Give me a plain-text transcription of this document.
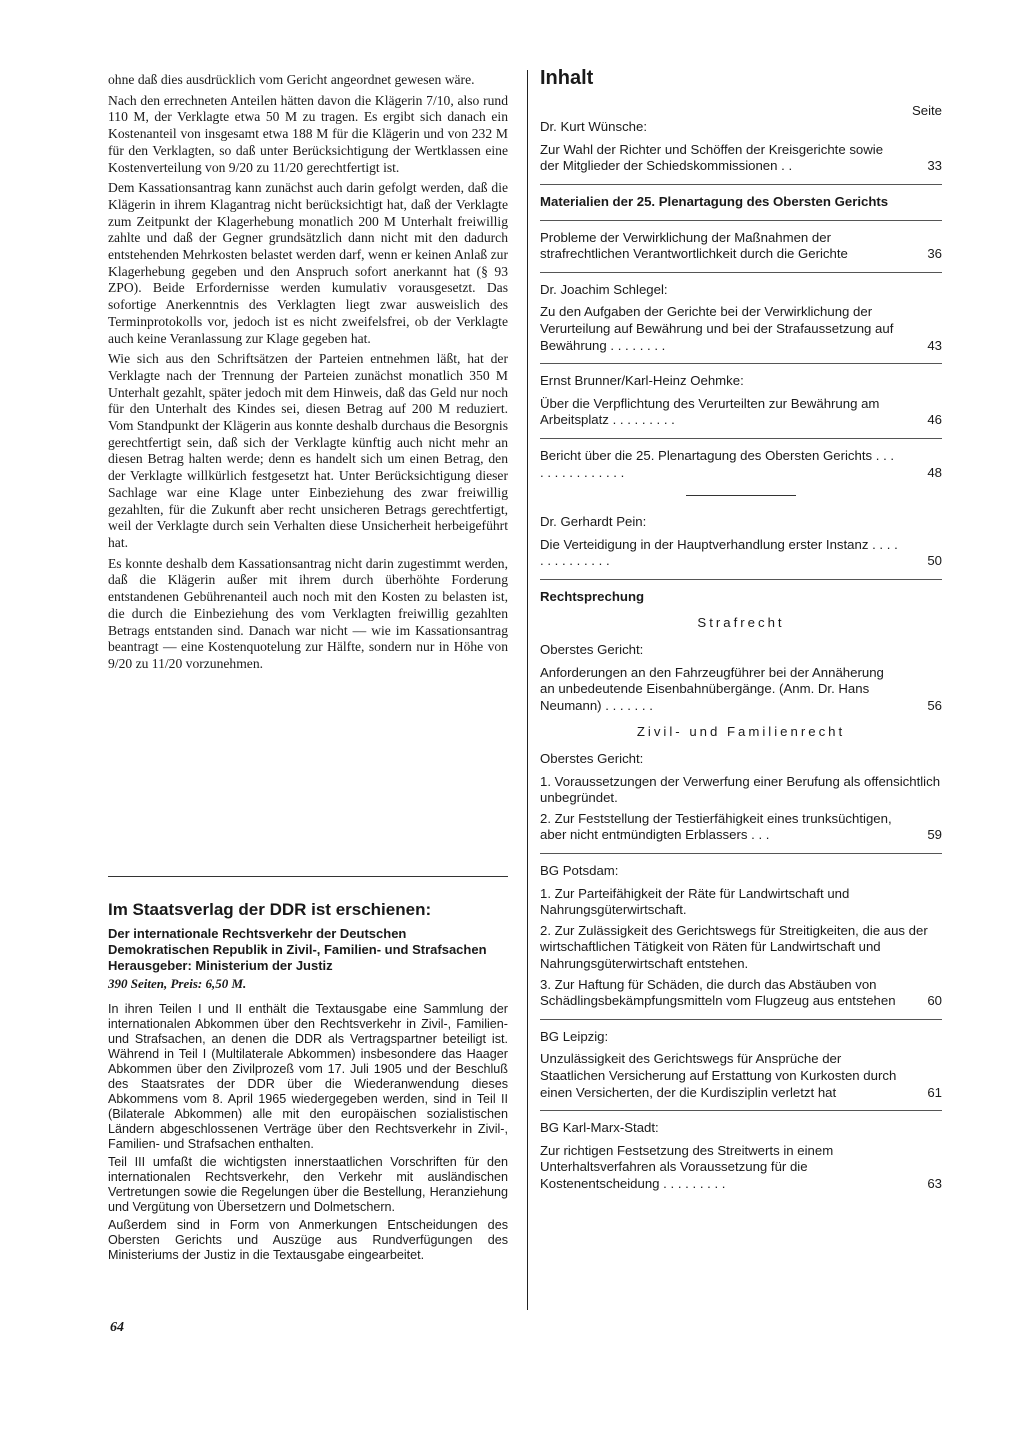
ohne daß dies ausdrücklich vom Gericht angeordnet gewesen wäre.

Nach den errechneten Anteilen hätten davon die Klägerin 7/10, also rund 110 M, der Verklagte etwa 50 M zu tragen. Es ergibt sich danach ein Kostenanteil von insgesamt etwa 188 M für die Klägerin und von 232 M für den Verklagten, so daß unter Berücksichtigung der Wertklassen eine Kostenverteilung von 9/20 zu 11/20 gerechtfertigt ist.

Dem Kassationsantrag kann zunächst auch darin gefolgt werden, daß die Klägerin in ihrem Klagantrag nicht berücksichtigt hat, daß der Verklagte zum Zeitpunkt der Klagerhebung monatlich 200 M Unterhalt freiwillig zahlte und daß der Gegner grundsätzlich dann nicht mit den dadurch entstehenden Mehrkosten belastet werden darf, wenn er keinen Anlaß zur Klagerhebung gegeben und den Anspruch sofort anerkannt hat (§ 93 ZPO). Beide Erfordernisse werden kumulativ vorausgesetzt. Das sofortige Anerkenntnis des Verklagten liegt zwar ausweislich des Terminprotokolls vor, jedoch ist es nicht zweifelsfrei, ob der Verklagte auch keine Veranlassung zur Klage gegeben hat.

Wie sich aus den Schriftsätzen der Parteien entnehmen läßt, hat der Verklagte nach der Trennung der Parteien zunächst monatlich 350 M Unterhalt gezahlt, später jedoch mit dem Hinweis, daß das Geld nur noch für den Unterhalt des Kindes sei, diesen Betrag auf 200 M reduziert. Vom Standpunkt der Klägerin aus konnte deshalb durchaus die Besorgnis gerechtfertigt sein, daß sich der Verklagte künftig auch nicht mehr an diesen Betrag halten werde; denn es handelt sich um einen Betrag, den der Verklagte willkürlich festgesetzt hat. Unter Berücksichtigung dieser Sachlage war eine Klage unter Einbeziehung des zwar freiwillig gezahlten, für die Zukunft aber recht unsicheren Betrags gerechtfertigt, weil der Verklagte durch sein Verhalten diese Unsicherheit herbeigeführt hat.

Es konnte deshalb dem Kassationsantrag nicht darin zugestimmt werden, daß die Klägerin außer mit ihrem durch überhöhte Forderung entstandenen Gebührenanteil auch noch mit den Kosten zu belasten ist, die durch die Einbeziehung des vom Verklagten freiwillig gezahlten Betrags entstanden sind. Danach war nicht — wie im Kassationsantrag beantragt — eine Kostenquotelung zur Hälfte, sondern nur in Höhe von 9/20 zu 11/20 vorzunehmen.

Im Staatsverlag der DDR ist erschienen:
Der internationale Rechtsverkehr der Deutschen Demokratischen Republik in Zivil-, Familien- und Strafsachen Herausgeber: Ministerium der Justiz
390 Seiten, Preis: 6,50 M.

In ihren Teilen I und II enthält die Textausgabe eine Sammlung der internationalen Abkommen über den Rechtsverkehr in Zivil-, Familien- und Strafsachen, an denen die DDR als Vertragspartner beteiligt ist. Während in Teil I (Multilaterale Abkommen) insbesondere das Haager Abkommen über den Zivilprozeß vom 17. Juli 1905 und der Beschluß des Staatsrates der DDR über die Wiederanwendung dieses Abkommens vom 8. April 1965 wiedergegeben werden, sind in Teil II (Bilaterale Abkommen) alle mit den europäischen sozialistischen Ländern abgeschlossenen Verträge über den Rechtsverkehr in Zivil-, Familien- und Strafsachen enthalten.

Teil III umfaßt die wichtigsten innerstaatlichen Vorschriften für den internationalen Rechtsverkehr, den Verkehr mit ausländischen Vertretungen sowie die Regelungen über die Bestellung, Heranziehung und Vergütung von Übersetzern und Dolmetschern.

Außerdem sind in Form von Anmerkungen Entscheidungen des Obersten Gerichts und Auszüge aus Rundverfügungen des Ministeriums der Justiz in die Textausgabe eingearbeitet.

64
Inhalt
Seite
Dr. Kurt Wünsche:
Zur Wahl der Richter und Schöffen der Kreisgerichte sowie der Mitglieder der Schiedskommissionen . .	33
Materialien der 25. Plenartagung des Obersten Gerichts
Probleme der Verwirklichung der Maßnahmen der strafrechtlichen Verantwortlichkeit durch die Gerichte	36
Dr. Joachim Schlegel:
Zu den Aufgaben der Gerichte bei der Verwirklichung der Verurteilung auf Bewährung und bei der Strafaussetzung auf Bewährung . . . . . . . .	43
Ernst Brunner/Karl-Heinz Oehmke:
Über die Verpflichtung des Verurteilten zur Bewährung am Arbeitsplatz . . . . . . . . .	46
Bericht über die 25. Plenartagung des Obersten Gerichts . . . . . . . . . . . . . . .	48
Dr. Gerhardt Pein:
Die Verteidigung in der Hauptverhandlung erster Instanz . . . . . . . . . . . . . .	50
Rechtsprechung
Strafrecht
Oberstes Gericht:
Anforderungen an den Fahrzeugführer bei der Annäherung an unbedeutende Eisenbahnübergänge. (Anm. Dr. Hans Neumann) . . . . . . .	56
Zivil- und Familienrecht
Oberstes Gericht:
1. Voraussetzungen der Verwerfung einer Berufung als offensichtlich unbegründet.
2. Zur Feststellung der Testierfähigkeit eines trunksüchtigen, aber nicht entmündigten Erblassers . . .	59
BG Potsdam:
1. Zur Parteifähigkeit der Räte für Landwirtschaft und Nahrungsgüterwirtschaft.
2. Zur Zulässigkeit des Gerichtswegs für Streitigkeiten, die aus der wirtschaftlichen Tätigkeit von Räten für Landwirtschaft und Nahrungsgüterwirtschaft entstehen.
3. Zur Haftung für Schäden, die durch das Abstäuben von Schädlingsbekämpfungsmitteln vom Flugzeug aus entstehen	60
BG Leipzig:
Unzulässigkeit des Gerichtswegs für Ansprüche der Staatlichen Versicherung auf Erstattung von Kurkosten durch einen Versicherten, der die Kurdisziplin verletzt hat	61
BG Karl-Marx-Stadt:
Zur richtigen Festsetzung des Streitwerts in einem Unterhaltsverfahren als Voraussetzung für die Kostenentscheidung . . . . . . . . .	63
